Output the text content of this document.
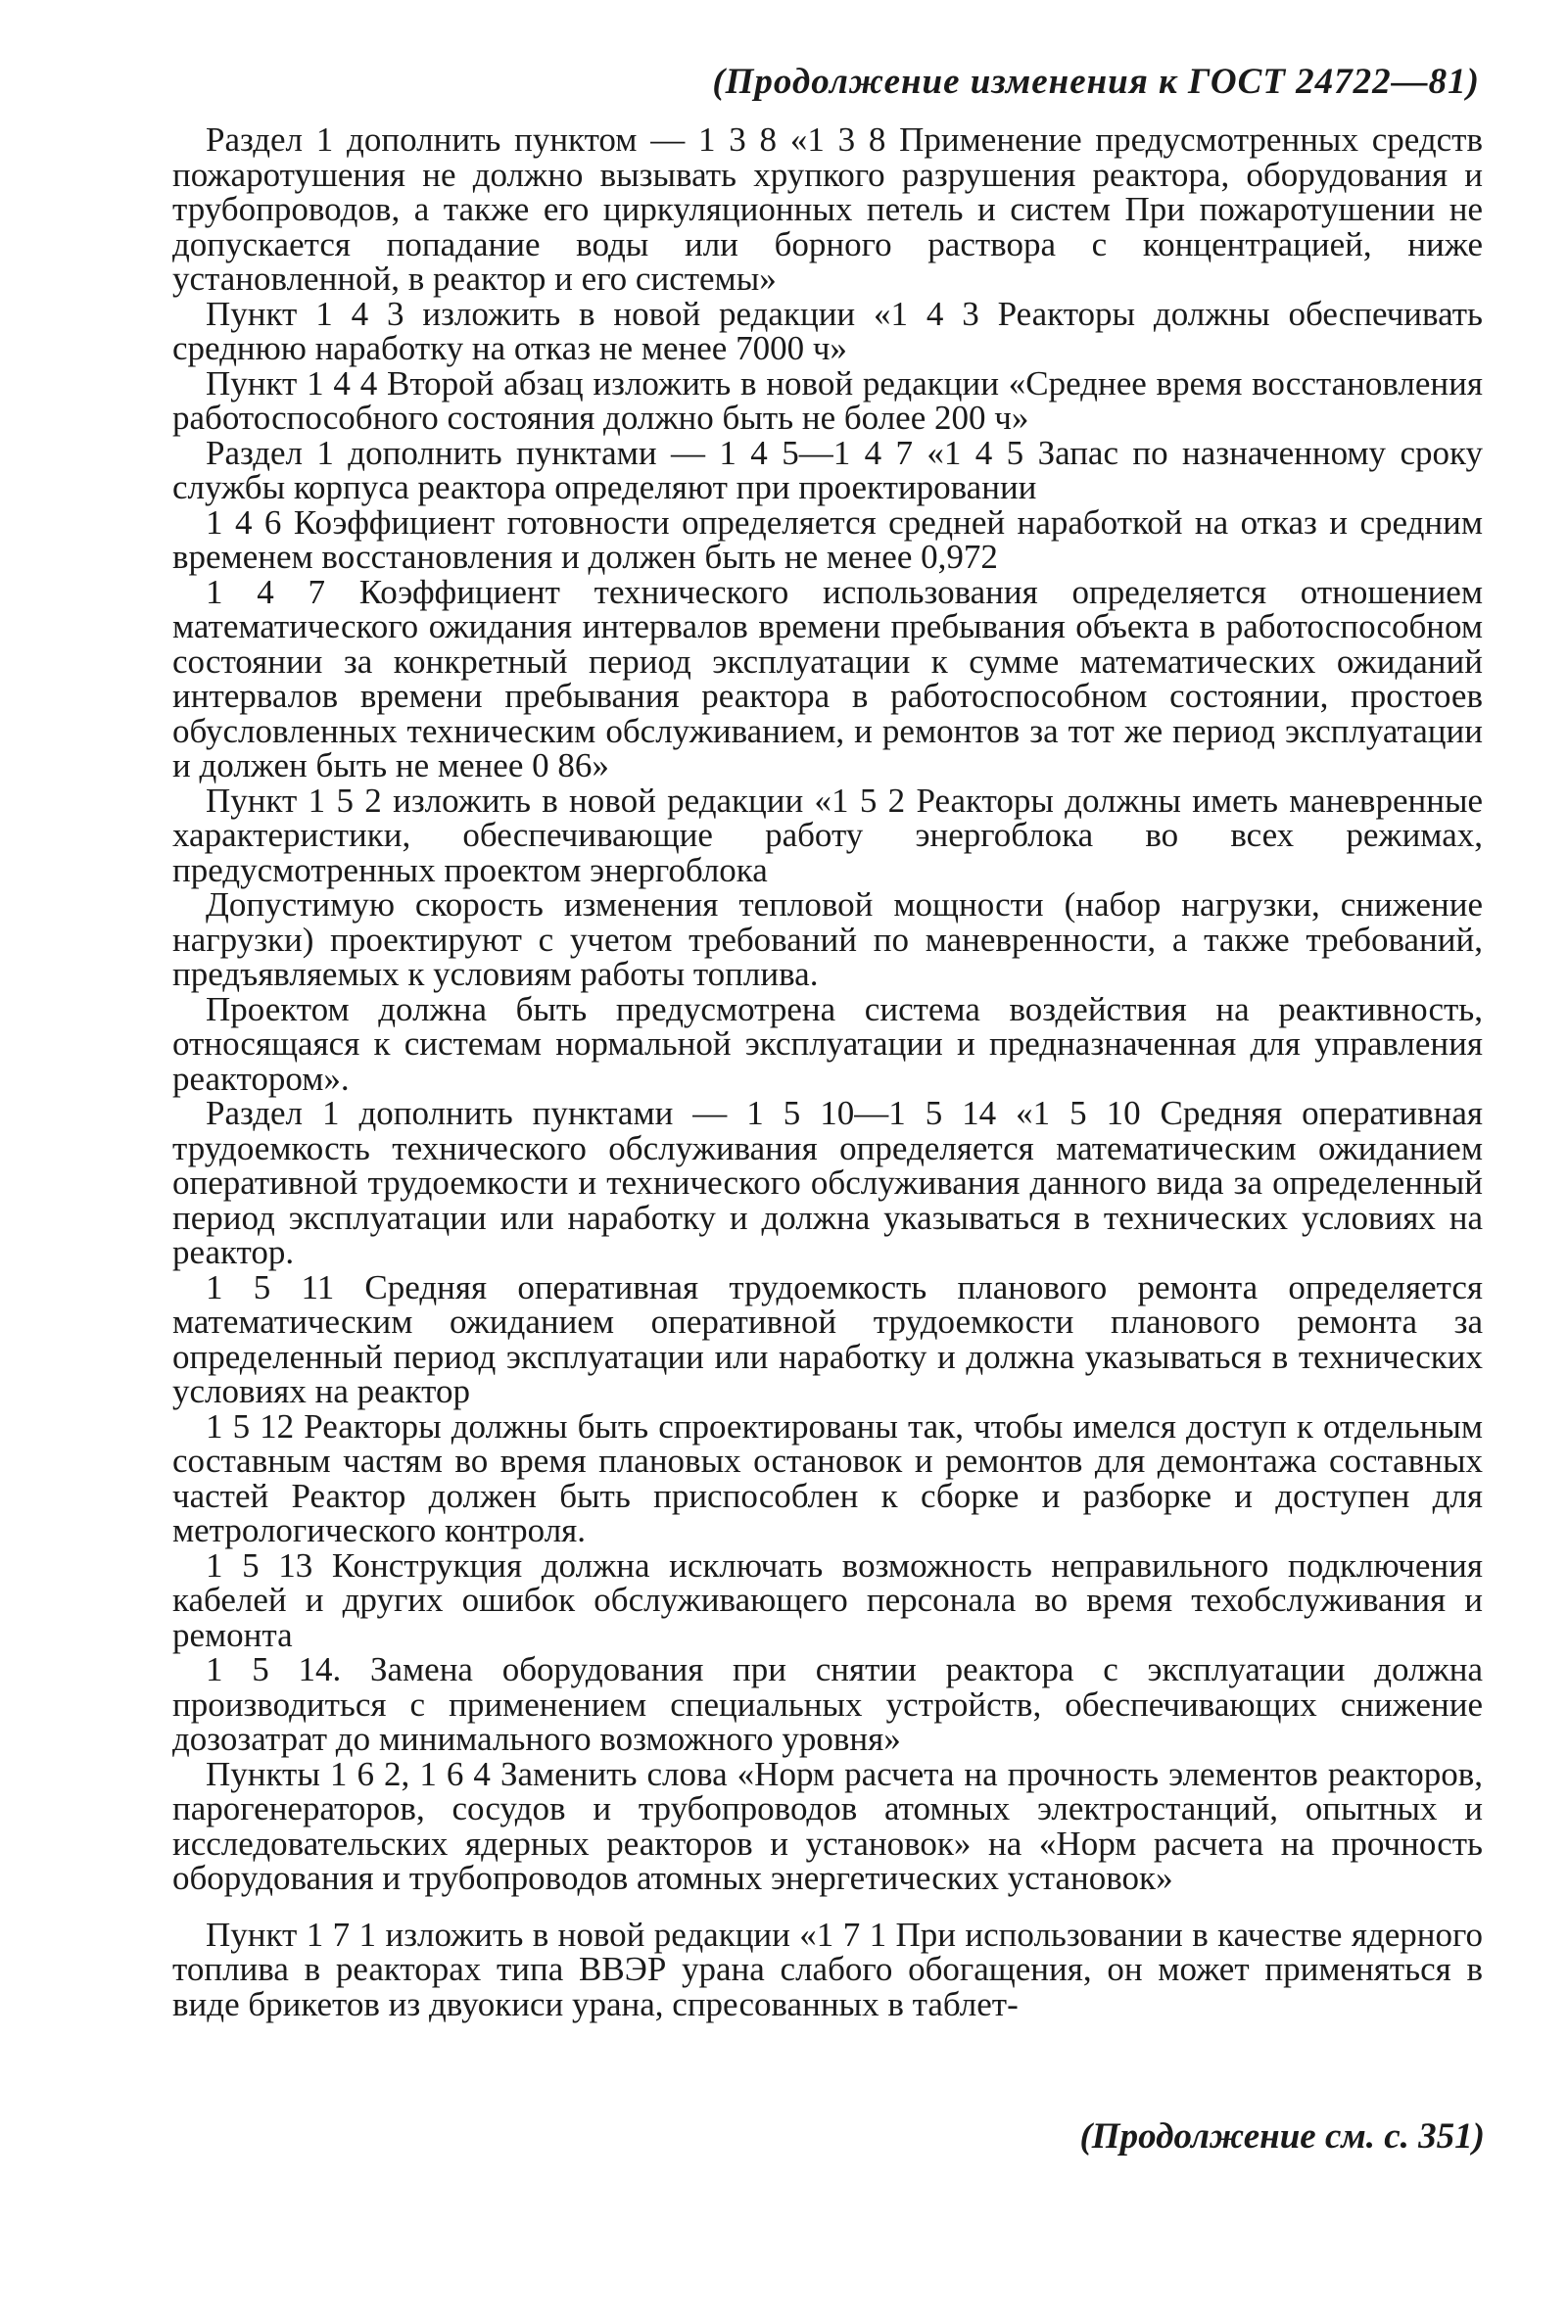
(Продолжение изменения к ГОСТ 24722—81)

Раздел 1 дополнить пунктом — 1 3 8 «1 3 8 Применение предусмотренных средств пожаротушения не должно вызывать хрупкого разрушения реактора, оборудования и трубопроводов, а также его циркуляционных петель и систем При пожаротушении не допускается попадание воды или борного раствора с концентрацией, ниже установленной, в реактор и его системы»

Пункт 1 4 3 изложить в новой редакции «1 4 3 Реакторы должны обеспечивать среднюю наработку на отказ не менее 7000 ч»

Пункт 1 4 4 Второй абзац изложить в новой редакции «Среднее время восстановления работоспособного состояния должно быть не более 200 ч»

Раздел 1 дополнить пунктами — 1 4 5—1 4 7 «1 4 5 Запас по назначенному сроку службы корпуса реактора определяют при проектировании

1 4 6 Коэффициент готовности определяется средней наработкой на отказ и средним временем восстановления и должен быть не менее 0,972

1 4 7 Коэффициент технического использования определяется отношением математического ожидания интервалов времени пребывания объекта в работоспособном состоянии за конкретный период эксплуатации к сумме математических ожиданий интервалов времени пребывания реактора в работоспособном состоянии, простоев обусловленных техническим обслуживанием, и ремонтов за тот же период эксплуатации и должен быть не менее 0 86»

Пункт 1 5 2 изложить в новой редакции «1 5 2 Реакторы должны иметь маневренные характеристики, обеспечивающие работу энергоблока во всех режимах, предусмотренных проектом энергоблока

Допустимую скорость изменения тепловой мощности (набор нагрузки, снижение нагрузки) проектируют с учетом требований по маневренности, а также требований, предъявляемых к условиям работы топлива.

Проектом должна быть предусмотрена система воздействия на реактивность, относящаяся к системам нормальной эксплуатации и предназначенная для управления реактором».

Раздел 1 дополнить пунктами — 1 5 10—1 5 14 «1 5 10 Средняя оперативная трудоемкость технического обслуживания определяется математическим ожиданием оперативной трудоемкости и технического обслуживания данного вида за определенный период эксплуатации или наработку и должна указываться в технических условиях на реактор.

1 5 11 Средняя оперативная трудоемкость планового ремонта определяется математическим ожиданием оперативной трудоемкости планового ремонта за определенный период эксплуатации или наработку и должна указываться в технических условиях на реактор

1 5 12 Реакторы должны быть спроектированы так, чтобы имелся доступ к отдельным составным частям во время плановых остановок и ремонтов для демонтажа составных частей Реактор должен быть приспособлен к сборке и разборке и доступен для метрологического контроля.

1 5 13 Конструкция должна исключать возможность неправильного подключения кабелей и других ошибок обслуживающего персонала во время техобслуживания и ремонта

1 5 14. Замена оборудования при снятии реактора с эксплуатации должна производиться с применением специальных устройств, обеспечивающих снижение дозозатрат до минимального возможного уровня»

Пункты 1 6 2, 1 6 4 Заменить слова «Норм расчета на прочность элементов реакторов, парогенераторов, сосудов и трубопроводов атомных электростанций, опытных и исследовательских ядерных реакторов и установок» на «Норм расчета на прочность оборудования и трубопроводов атомных энергетических установок»

Пункт 1 7 1 изложить в новой редакции «1 7 1 При использовании в качестве ядерного топлива в реакторах типа ВВЭР урана слабого обогащения, он может применяться в виде брикетов из двуокиси урана, спресованных в таблет-

(Продолжение см. с. 351)
